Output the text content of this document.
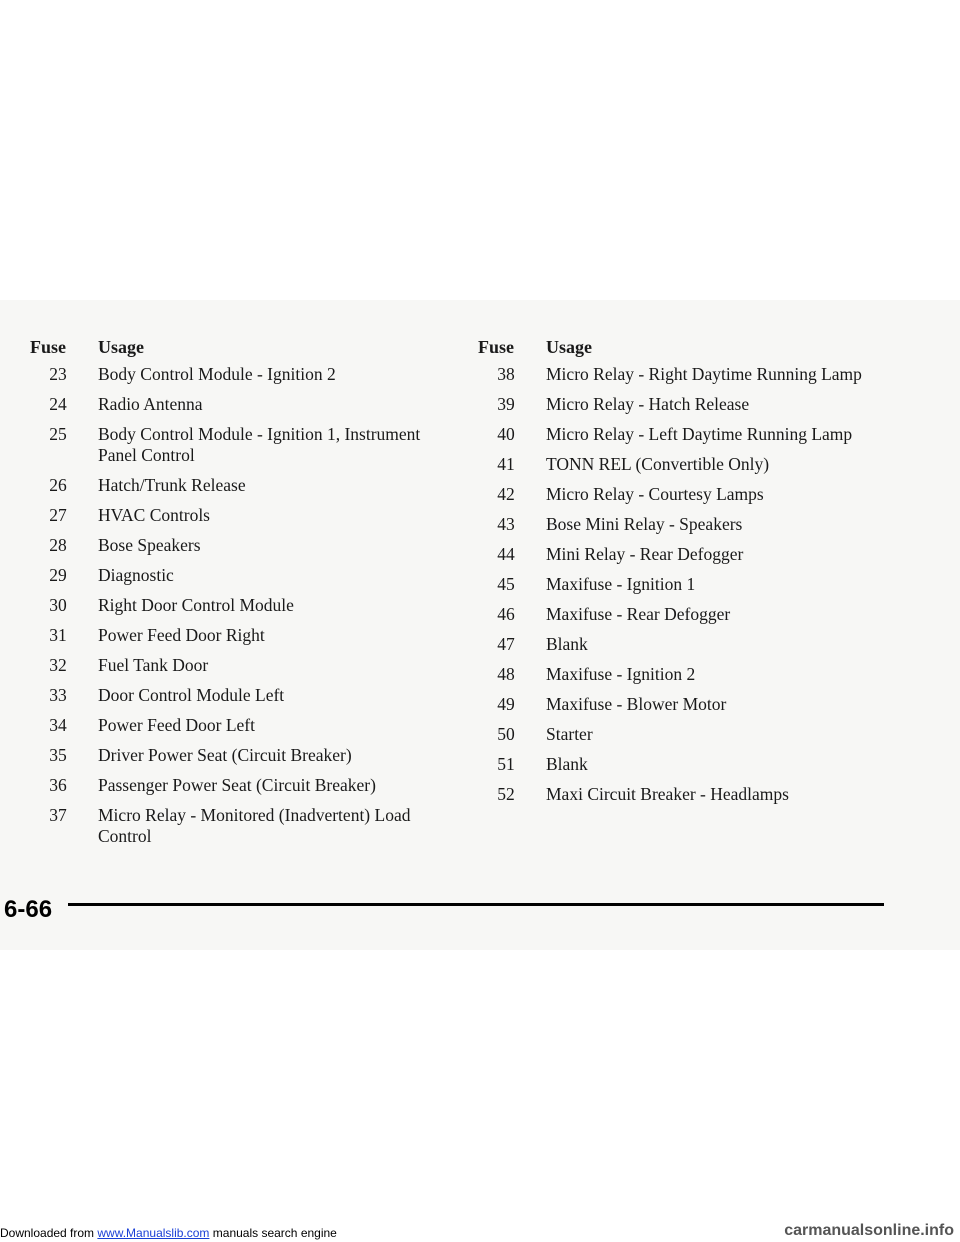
Fuse	Usage
23	Body Control Module - Ignition 2
24	Radio Antenna
25	Body Control Module - Ignition 1, Instrument Panel Control
26	Hatch/Trunk Release
27	HVAC Controls
28	Bose Speakers
29	Diagnostic
30	Right Door Control Module
31	Power Feed Door Right
32	Fuel Tank Door
33	Door Control Module Left
34	Power Feed Door Left
35	Driver Power Seat (Circuit Breaker)
36	Passenger Power Seat (Circuit Breaker)
37	Micro Relay - Monitored (Inadvertent) Load Control
Fuse	Usage
38	Micro Relay - Right Daytime Running Lamp
39	Micro Relay - Hatch Release
40	Micro Relay - Left Daytime Running Lamp
41	TONN REL (Convertible Only)
42	Micro Relay - Courtesy Lamps
43	Bose Mini Relay - Speakers
44	Mini Relay - Rear Defogger
45	Maxifuse - Ignition 1
46	Maxifuse - Rear Defogger
47	Blank
48	Maxifuse - Ignition 2
49	Maxifuse - Blower Motor
50	Starter
51	Blank
52	Maxi Circuit Breaker - Headlamps
6-66
Downloaded from www.Manualslib.com manuals search engine	carmanualsonline.info
